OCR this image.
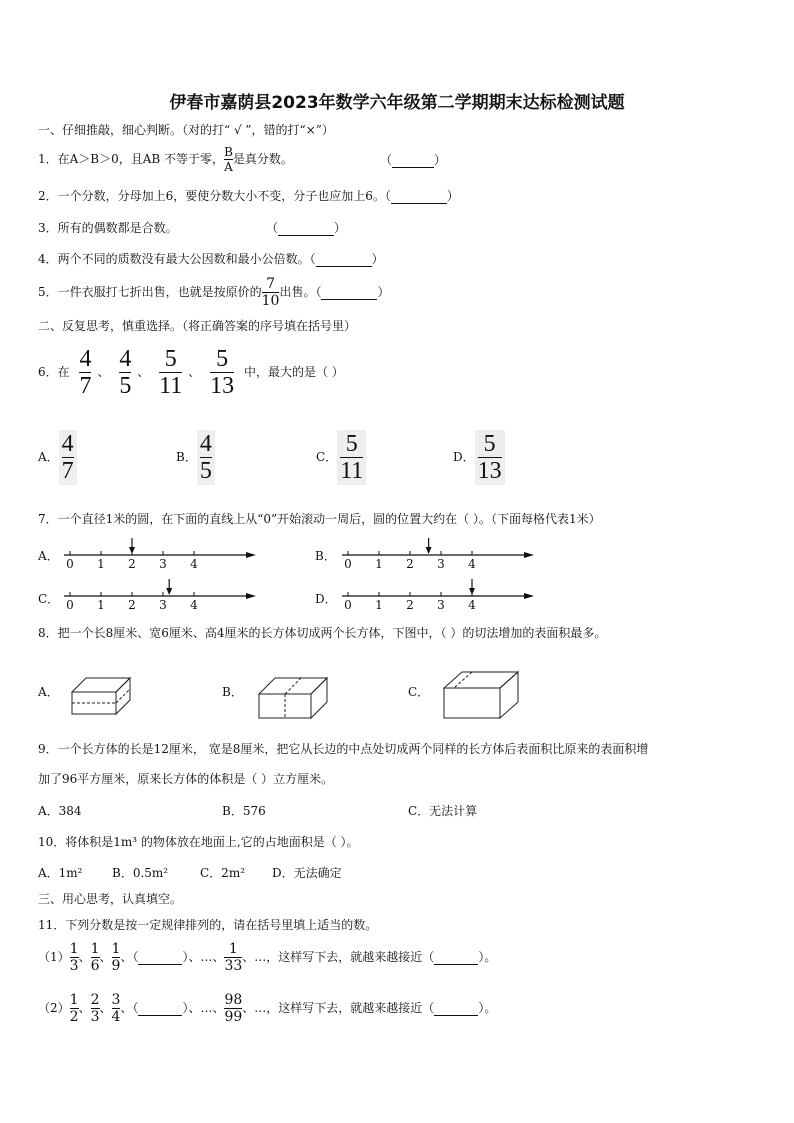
伊春市嘉荫县2023年数学六年级第二学期期末达标检测试题
一、仔细推敲，细心判断。（对的打“ √ ”，错的打“×”）
1．在A＞B＞0，且AB 不等于零， $\frac{B}{A}$ 是真分数。	（	）
2．一个分数，分母加上6，要使分数大小不变，分子也应加上6。（	）
3．所有的偶数都是合数。	（	）
4．两个不同的质数没有最大公因数和最小公倍数。（	）
5．一件衣服打七折出售，也就是按原价的 $\frac{7}{10}$ 出售。（	）
二、反复思考，慎重选择。（将正确答案的序号填在括号里）
6．在 $\frac{4}{7}$ 、 $\frac{4}{5}$ 、 $\frac{5}{11}$ 、 $\frac{5}{13}$ 中，最大的是（ ）
A． $\frac{4}{7}$	B． $\frac{4}{5}$	C． $\frac{5}{11}$	D． $\frac{5}{13}$
7．一个直径1米的圆，在下面的直线上从“0”开始滚动一周后，圆的位置大约在（ ）。（下面每格代表1米）
A．
0 1 2 3 4
B．
0 1 2 3 4
C． 0 1 2 3 4	D． 0 1 2 3 4
8．把一个长8厘米、宽6厘米、高4厘米的长方体切成两个长方体，下图中，（ ）的切法增加的表面积最多。
A．	B．	C．
9．一个长方体的长是12厘米， 宽是8厘米，把它从长边的中点处切成两个同样的长方体后表面积比原来的表面积增
加了96平方厘米，原来长方体的体积是（ ）立方厘米。
A．384	B．576	C．无法计算
10．将体积是1m³ 的物体放在地面上,它的占地面积是（ ）。
A．1m² B．0.5m²	C．2m² D．无法确定
三、用心思考，认真填空。
11．下列分数是按一定规律排列的，请在括号里填上适当的数。
$(1) \frac{1}{3}$ 、 $\frac{1}{6}$ 、 $\frac{1}{9}$ 、（	）、…、 $\frac{1}{33}$ 、…，这样写下去，就越来越接近（	）。
$(2) \frac{1}{2}$ 、 $\frac{2}{3}$ 、 $\frac{3}{4}$ 、（	）、…、 $\frac{98}{99}$ 、…，这样写下去，就越来越接近（	）。
